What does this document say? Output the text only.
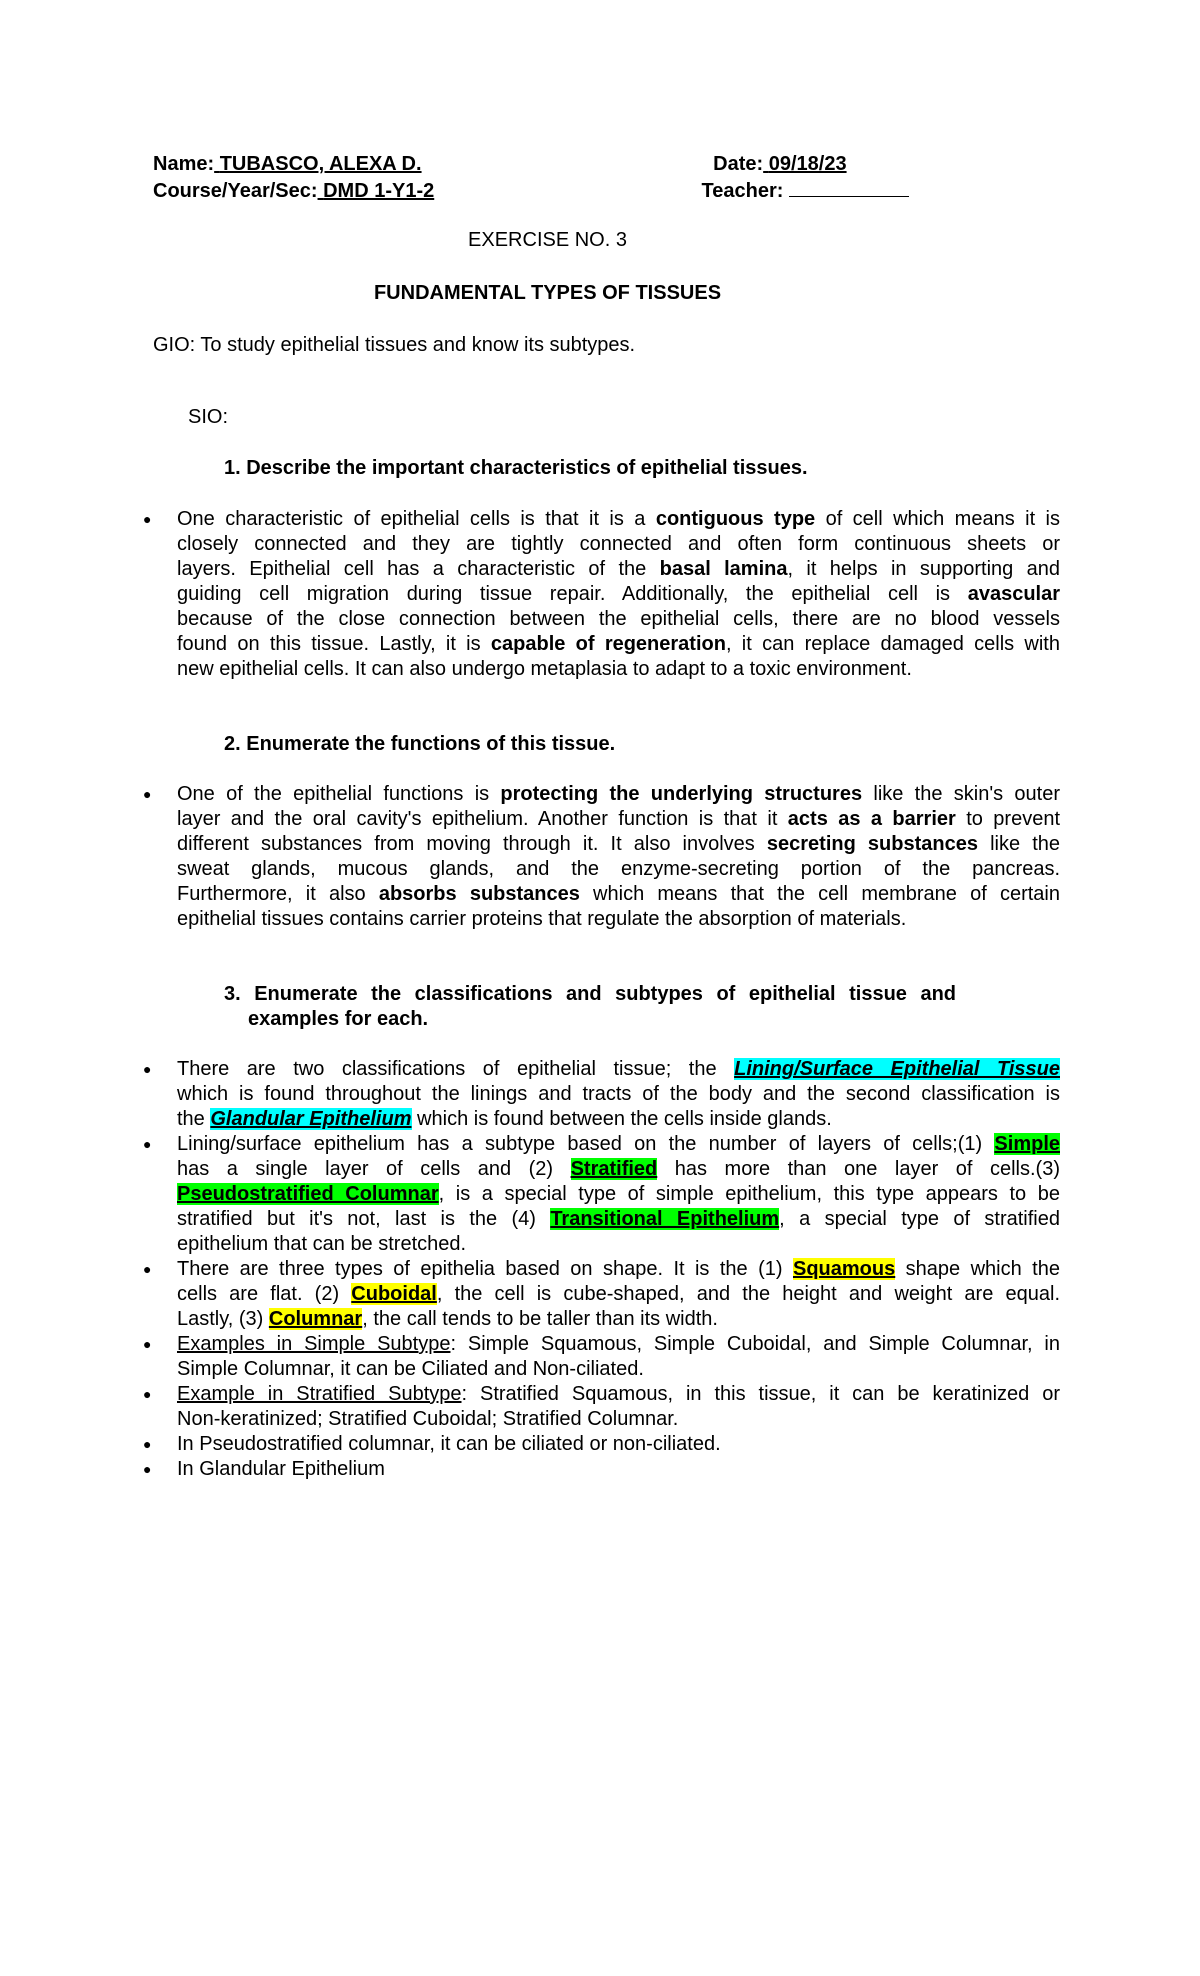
Name: TUBASCO, ALEXA D.	Date: 09/18/23
Course/Year/Sec: DMD 1-Y1-2	Teacher:
EXERCISE NO. 3
FUNDAMENTAL TYPES OF TISSUES
GIO: To study epithelial tissues and know its subtypes.
SIO:
1. Describe the important characteristics of epithelial tissues.
● One characteristic of epithelial cells is that it is a contiguous type of cell which means it is
closely connected and they are tightly connected and often form continuous sheets or
layers. Epithelial cell has a characteristic of the basal lamina, it helps in supporting and
guiding cell migration during tissue repair. Additionally, the epithelial cell is avascular
because of the close connection between the epithelial cells, there are no blood vessels
found on this tissue. Lastly, it is capable of regeneration, it can replace damaged cells with
new epithelial cells. It can also undergo metaplasia to adapt to a toxic environment.
2. Enumerate the functions of this tissue.
● One of the epithelial functions is protecting the underlying structures like the skin's outer
layer and the oral cavity's epithelium. Another function is that it acts as a barrier to prevent
different substances from moving through it. It also involves secreting substances like the
sweat glands, mucous glands, and the enzyme-secreting portion of the pancreas.
Furthermore, it also absorbs substances which means that the cell membrane of certain
epithelial tissues contains carrier proteins that regulate the absorption of materials.
3. Enumerate the classifications and subtypes of epithelial tissue and
examples for each.
● There are two classifications of epithelial tissue; the Lining/Surface Epithelial Tissue
which is found throughout the linings and tracts of the body and the second classification is
the Glandular Epithelium which is found between the cells inside glands.
● Lining/surface epithelium has a subtype based on the number of layers of cells;(1) Simple
has a single layer of cells and (2) Stratified has more than one layer of cells.(3)
Pseudostratified Columnar, is a special type of simple epithelium, this type appears to be
stratified but it's not, last is the (4) Transitional Epithelium, a special type of stratified
epithelium that can be stretched.
● There are three types of epithelia based on shape. It is the (1) Squamous shape which the
cells are flat. (2) Cuboidal, the cell is cube-shaped, and the height and weight are equal.
Lastly, (3) Columnar, the call tends to be taller than its width.
● Examples in Simple Subtype: Simple Squamous, Simple Cuboidal, and Simple Columnar, in
Simple Columnar, it can be Ciliated and Non-ciliated.
● Example in Stratified Subtype: Stratified Squamous, in this tissue, it can be keratinized or
Non-keratinized; Stratified Cuboidal; Stratified Columnar.
● In Pseudostratified columnar, it can be ciliated or non-ciliated.
● In Glandular Epithelium
